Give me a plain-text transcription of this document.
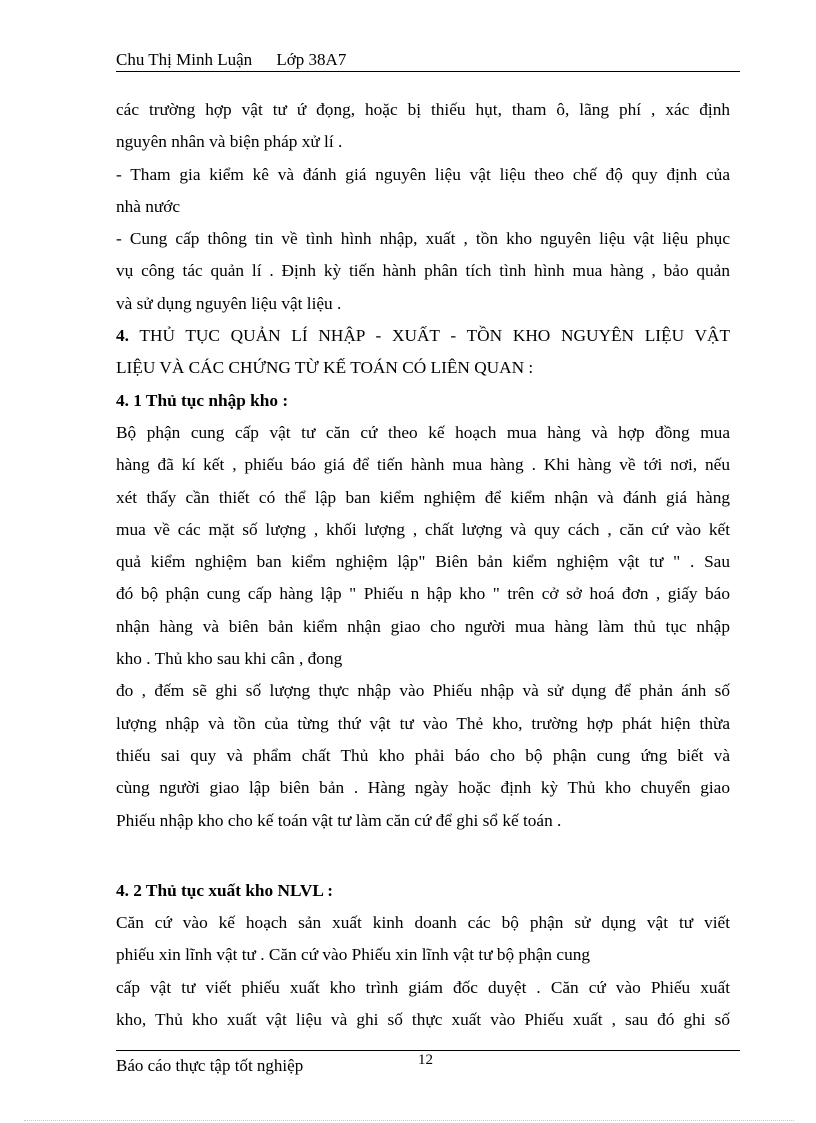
Chu Thị Minh Luận Lớp 38A7

các trường hợp vật tư ứ đọng, hoặc bị thiếu hụt, tham ô, lãng phí , xác định

nguyên nhân và biện pháp xử lí .

- Tham gia kiểm kê và đánh giá nguyên liệu vật liệu theo chế độ quy định của

nhà nước

- Cung cấp thông tin về tình hình nhập, xuất , tồn kho nguyên liệu vật liệu phục

vụ công tác quản lí . Định kỳ tiến hành phân tích tình hình mua hàng , bảo quản

và sử dụng nguyên liệu vật liệu .

4. THỦ TỤC QUẢN LÍ NHẬP - XUẤT - TỒN KHO NGUYÊN LIỆU VẬT

LIỆU VÀ CÁC CHỨNG TỪ KẾ TOÁN CÓ LIÊN QUAN :

4. 1 Thủ tục nhập kho :

Bộ phận cung cấp vật tư căn cứ theo kế hoạch mua hàng và hợp đồng mua

hàng đã kí kết , phiếu báo giá để tiến hành mua hàng . Khi hàng về tới nơi, nếu

xét thấy cần thiết có thể lập ban kiểm nghiệm để kiểm nhận và đánh giá hàng

mua về các mặt số lượng , khối lượng , chất lượng và quy cách , căn cứ vào kết

quả kiểm nghiệm ban kiểm nghiệm lập" Biên bản kiểm nghiệm vật tư " . Sau

đó bộ phận cung cấp hàng lập " Phiếu n hập kho " trên cở sở hoá đơn , giấy báo

nhận hàng và biên bản kiểm nhận giao cho người mua hàng làm thủ tục nhập

kho . Thủ kho sau khi cân , đong

đo , đếm sẽ ghi số lượng thực nhập vào Phiếu nhập và sử dụng để phản ánh số

lượng nhập và tồn của từng thứ vật tư vào Thẻ kho, trường hợp phát hiện thừa

thiếu sai quy và phẩm chất Thủ kho phải báo cho bộ phận cung ứng biết và

cùng người giao lập biên bản . Hàng ngày hoặc định kỳ Thủ kho chuyển giao

Phiếu nhập kho cho kế toán vật tư làm căn cứ để ghi sổ kế toán .

4. 2 Thủ tục xuất kho NLVL :

Căn cứ vào kế hoạch sản xuất kinh doanh các bộ phận sử dụng vật tư viết

phiếu xin lĩnh vật tư . Căn cứ vào Phiếu xin lĩnh vật tư bộ phận cung

cấp vật tư viết phiếu xuất kho trình giám đốc duyệt . Căn cứ vào Phiếu xuất

kho, Thủ kho xuất vật liệu và ghi số thực xuất vào Phiếu xuất , sau đó ghi số

Báo cáo thực tập tốt nghiệp	12
